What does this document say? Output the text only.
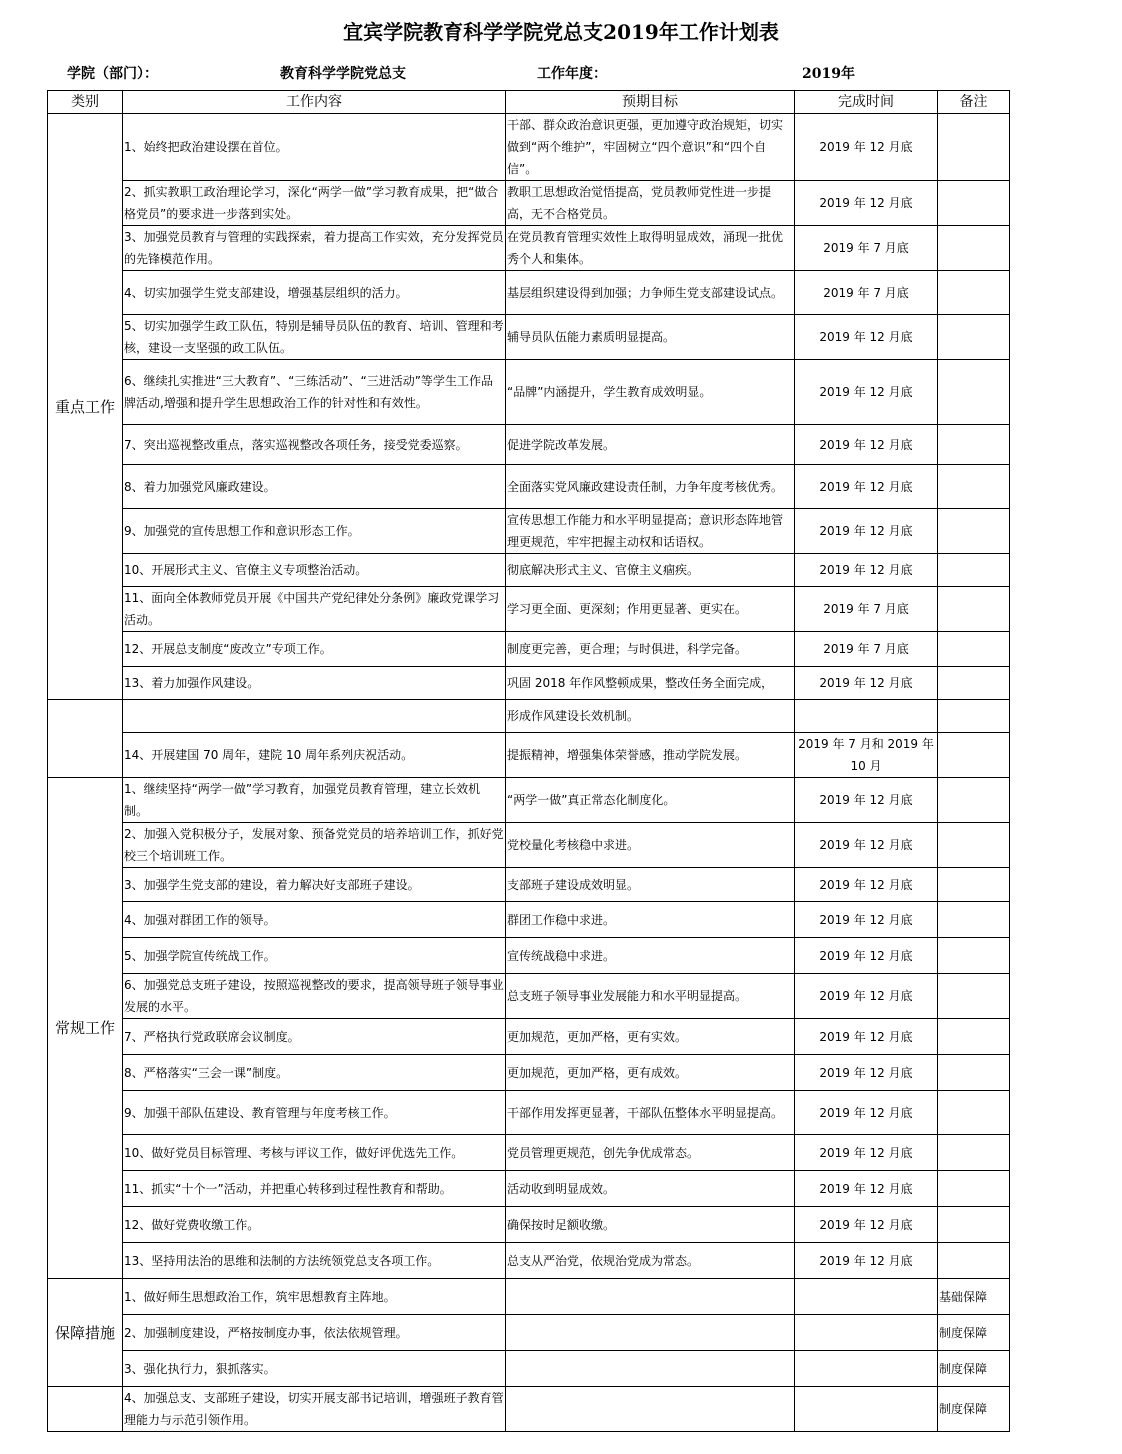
宜宾学院教育科学学院党总支2019年工作计划表
学院（部门）：	教育科学学院党总支	工作年度：	2019年
类别	工作内容	预期目标	完成时间	备注
重点工作	1、始终把政治建设摆在首位。	干部、群众政治意识更强，更加遵守政治规矩，切实做到“两个维护”，牢固树立“四个意识”和“四个自信”。	2019 年 12 月底	
	2、抓实教职工政治理论学习，深化“两学一做”学习教育成果，把“做合格党员”的要求进一步落到实处。	教职工思想政治觉悟提高，党员教师党性进一步提高，无不合格党员。	2019 年 12 月底	
	3、加强党员教育与管理的实践探索，着力提高工作实效，充分发挥党员的先锋模范作用。	在党员教育管理实效性上取得明显成效，涌现一批优秀个人和集体。	2019 年 7 月底	
	4、切实加强学生党支部建设，增强基层组织的活力。	基层组织建设得到加强；力争师生党支部建设试点。	2019 年 7 月底	
	5、切实加强学生政工队伍，特别是辅导员队伍的教育、培训、管理和考核，建设一支坚强的政工队伍。	辅导员队伍能力素质明显提高。	2019 年 12 月底	
	6、继续扎实推进“三大教育”、“三练活动”、“三进活动”等学生工作品牌活动,增强和提升学生思想政治工作的针对性和有效性。	“品牌”内涵提升，学生教育成效明显。	2019 年 12 月底	
	7、突出巡视整改重点，落实巡视整改各项任务，接受党委巡察。	促进学院改革发展。	2019 年 12 月底	
	8、着力加强党风廉政建设。	全面落实党风廉政建设责任制，力争年度考核优秀。	2019 年 12 月底	
	9、加强党的宣传思想工作和意识形态工作。	宣传思想工作能力和水平明显提高；意识形态阵地管理更规范，牢牢把握主动权和话语权。	2019 年 12 月底	
	10、开展形式主义、官僚主义专项整治活动。	彻底解决形式主义、官僚主义痼疾。	2019 年 12 月底	
	11、面向全体教师党员开展《中国共产党纪律处分条例》廉政党课学习活动。	学习更全面、更深刻；作用更显著、更实在。	2019 年 7 月底	
	12、开展总支制度“废改立”专项工作。	制度更完善，更合理；与时俱进，科学完备。	2019 年 7 月底	
	13、着力加强作风建设。	巩固 2018 年作风整顿成果，整改任务全面完成，	2019 年 12 月底	
		形成作风建设长效机制。		
	14、开展建国 70 周年，建院 10 周年系列庆祝活动。	提振精神，增强集体荣誉感，推动学院发展。	2019 年 7 月和 2019 年 10 月	
常规工作	1、继续坚持“两学一做”学习教育，加强党员教育管理，建立长效机制。	“两学一做”真正常态化制度化。	2019 年 12 月底	
	2、加强入党积极分子，发展对象、预备党党员的培养培训工作，抓好党校三个培训班工作。	党校量化考核稳中求进。	2019 年 12 月底	
	3、加强学生党支部的建设，着力解决好支部班子建设。	支部班子建设成效明显。	2019 年 12 月底	
	4、加强对群团工作的领导。	群团工作稳中求进。	2019 年 12 月底	
	5、加强学院宣传统战工作。	宣传统战稳中求进。	2019 年 12 月底	
	6、加强党总支班子建设，按照巡视整改的要求，提高领导班子领导事业发展的水平。	总支班子领导事业发展能力和水平明显提高。	2019 年 12 月底	
	7、严格执行党政联席会议制度。	更加规范，更加严格，更有实效。	2019 年 12 月底	
	8、严格落实“三会一课”制度。	更加规范，更加严格，更有成效。	2019 年 12 月底	
	9、加强干部队伍建设、教育管理与年度考核工作。	干部作用发挥更显著，干部队伍整体水平明显提高。	2019 年 12 月底	
	10、做好党员目标管理、考核与评议工作，做好评优选先工作。	党员管理更规范，创先争优成常态。	2019 年 12 月底	
	11、抓实“十个一”活动，并把重心转移到过程性教育和帮助。	活动收到明显成效。	2019 年 12 月底	
	12、做好党费收缴工作。	确保按时足额收缴。	2019 年 12 月底	
	13、坚持用法治的思维和法制的方法统领党总支各项工作。	总支从严治党，依规治党成为常态。	2019 年 12 月底	
保障措施	1、做好师生思想政治工作，筑牢思想教育主阵地。			基础保障
	2、加强制度建设，严格按制度办事，依法依规管理。			制度保障
	3、强化执行力，狠抓落实。			制度保障
	4、加强总支、支部班子建设，切实开展支部书记培训，增强班子教育管理能力与示范引领作用。			制度保障
